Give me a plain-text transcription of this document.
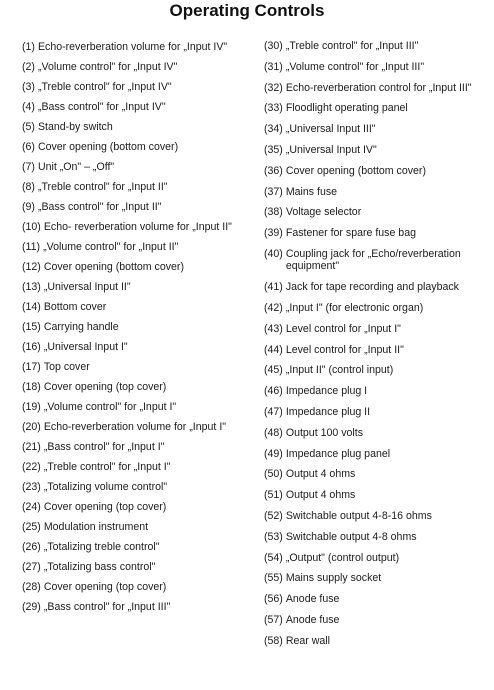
Operating Controls
(1) Echo-reverberation volume for „Input IV"
(2) „Volume control" for „Input IV"
(3) „Treble control" for „Input IV"
(4) „Bass control" for „Input IV"
(5) Stand-by switch
(6) Cover opening (bottom cover)
(7) Unit „On" – „Off"
(8) „Treble control" for „Input II"
(9) „Bass control" for „Input II"
(10) Echo- reverberation volume for „Input II"
(11) „Volume control" for „Input II"
(12) Cover opening (bottom cover)
(13) „Universal Input II"
(14) Bottom cover
(15) Carrying handle
(16) „Universal Input I"
(17) Top cover
(18) Cover opening (top cover)
(19) „Volume control" for „Input I"
(20) Echo-reverberation volume for „Input I"
(21) „Bass control" for „Input I"
(22) „Treble control" for „Input I"
(23) „Totalizing volume control"
(24) Cover opening (top cover)
(25) Modulation instrument
(26) „Totalizing treble control"
(27) „Totalizing bass control"
(28) Cover opening (top cover)
(29) „Bass control" for „Input III"
(30) „Treble control" for „Input III"
(31) „Volume control" for „Input III"
(32) Echo-reverberation control for „Input III"
(33) Floodlight operating panel
(34) „Universal Input III"
(35) „Universal Input IV"
(36) Cover opening (bottom cover)
(37) Mains fuse
(38) Voltage selector
(39) Fastener for spare fuse bag
(40) Coupling jack for „Echo/reverberation equipment"
(41) Jack for tape recording and playback
(42) „Input I" (for electronic organ)
(43) Level control for „Input I"
(44) Level control for „Input II"
(45) „Input II" (control input)
(46) Impedance plug I
(47) Impedance plug II
(48) Output 100 volts
(49) Impedance plug panel
(50) Output 4 ohms
(51) Output 4 ohms
(52) Switchable output 4-8-16 ohms
(53) Switchable output 4-8 ohms
(54) „Output" (control output)
(55) Mains supply socket
(56) Anode fuse
(57) Anode fuse
(58) Rear wall
